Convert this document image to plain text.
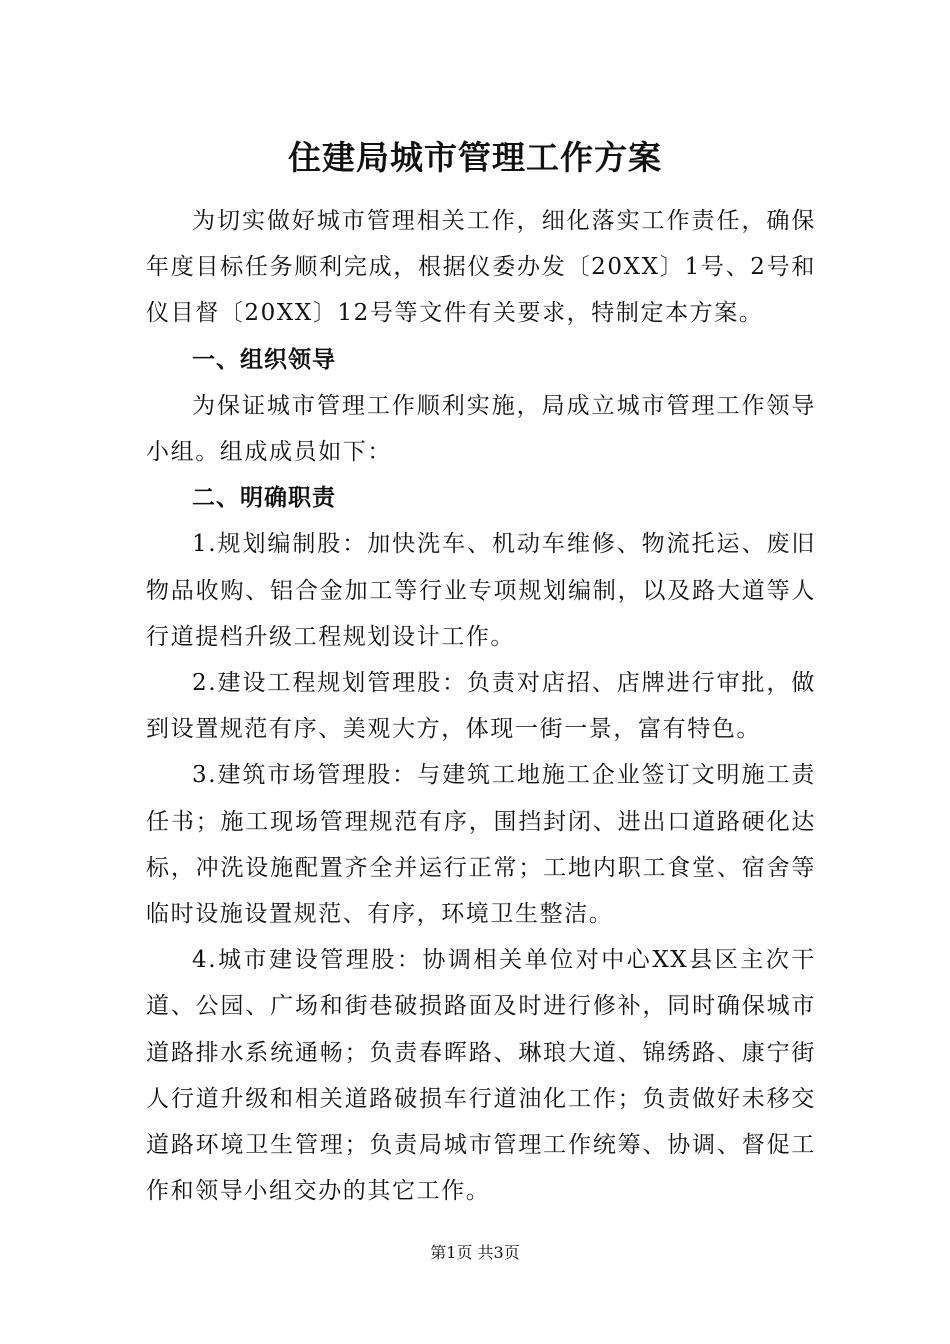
住建局城市管理工作方案

为切实做好城市管理相关工作，细化落实工作责任，确保年度目标任务顺利完成，根据仪委办发〔20XX〕1号、2号和仪目督〔20XX〕12号等文件有关要求，特制定本方案。

一、组织领导

为保证城市管理工作顺利实施，局成立城市管理工作领导小组。组成成员如下：

二、明确职责

1.规划编制股：加快洗车、机动车维修、物流托运、废旧物品收购、铝合金加工等行业专项规划编制，以及路大道等人行道提档升级工程规划设计工作。

2.建设工程规划管理股：负责对店招、店牌进行审批，做到设置规范有序、美观大方，体现一街一景，富有特色。

3.建筑市场管理股：与建筑工地施工企业签订文明施工责任书；施工现场管理规范有序，围挡封闭、进出口道路硬化达标，冲洗设施配置齐全并运行正常；工地内职工食堂、宿舍等临时设施设置规范、有序，环境卫生整洁。

4.城市建设管理股：协调相关单位对中心XX县区主次干道、公园、广场和街巷破损路面及时进行修补，同时确保城市道路排水系统通畅；负责春晖路、琳琅大道、锦绣路、康宁街人行道升级和相关道路破损车行道油化工作；负责做好未移交道路环境卫生管理；负责局城市管理工作统筹、协调、督促工作和领导小组交办的其它工作。

第1页 共3页
